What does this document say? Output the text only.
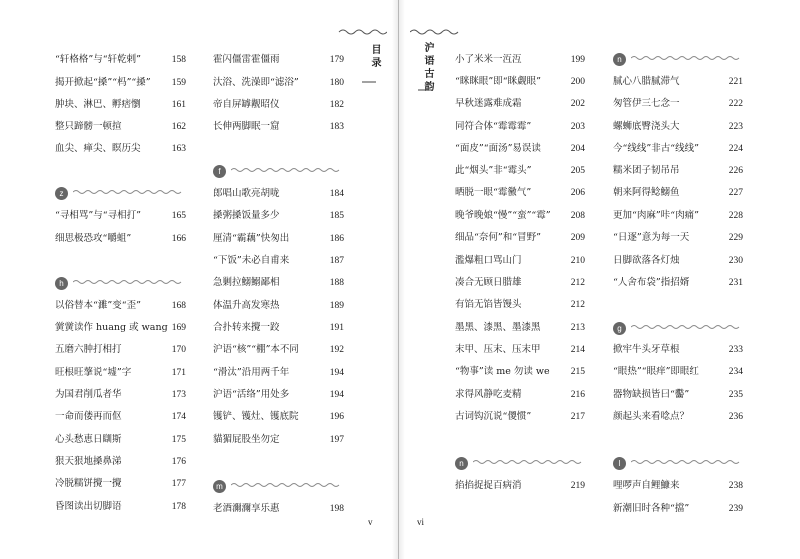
目录	沪语古韵
v	vi
“轩格格”与“轩乾剌”	158
揭开掀起“搡”“杩”“搡” 159
肿块、淋巴、孵痞懰	161
整只蹄髈一顿揎	162
血尖、瘅尖、瞑历尖	163
z
“寻相骂”与“寻相打”	165
细思极恐攻“嚼蛆”	166
h
以俗替本“濉”变“歪”	168
黉黉读作 huang 或 wang 169
五磨六肿打相打	170
旺根旺摮说“墟”字	171
为国君削瓜者华	173
一命而偻再而伛	174
心头愁恵日瞓斯	175
狠天狠地搡鼻涕	176
冷脱糯饼攪一攪	177
昏图读出切脚语	178
霍闪僵雷霍僵雨	179
汏浴、洗澡即“滤浴”	180
帝自屏罅觏昭仪	182
长伸两脚眠一窟	183
f
郎唱山歌亮胡咙	184
搡粥搡饭量多少	185
厘清“霸藕”快匆出	186
“下饭”未必自甫来	187
急剿拉鰯鰯鄙相	188
体温升高发寒热	189
合扑转来攪一跤	191
沪语“核”“棚”本不同	192
“滑汰”沿用两千年	194
沪语“活络”用处多	194
镬铲、镬灶、镬底院	196
貓猸屁股坐勿定	197
m
老酒濔濔享乐惠	198
小了米米一沍沍	199
“眯眯眼”即“眯觑眼”	200
早秋迷露难成霜	202
同符合体“霉霉霉”	203
“面皮”“面汤”易误读	204
此“烟头”非“霉头”	205
晒脱一眼“霉黴气”	206
晚爷晚娘“慢”“蛮”“霉” 208
细品“奈何”和“冒野”	209
濫爆粗口骂山门	210
凑合无顾日腊雄	212
有馅无馅皆馒头	212
墨黑、漆黑、墨漆黑	213
末甲、压末、压末甲	214
“物事”读 me 勿读 we 215
求得风静吃麦精	216
古词钩沉说“儍惯”	217
n
掐掐捉捉百病消	219
n
腻心八腊腻滞气	221
匆管伊三七念一	222
螺蛳底臀浇头大	223
今“线线”非古“线线”	224
糯米团子韧吊吊	226
朝来阿得鲶鰯鱼	227
更加“肉麻”咔“肉痛”	228
“日逐”意为每一天	229
日脚欲落各灯烛	230
“人舍布袋”指招婿	231
g
掀牢牛头牙草根	233
“眼热”“眼痒”即眼红	234
器物缺损皆曰“齾”	235
颜起头来看唸点？	236
l
哩啰声自鲤鱇来	238
新潮旧时各种“擋”	239
